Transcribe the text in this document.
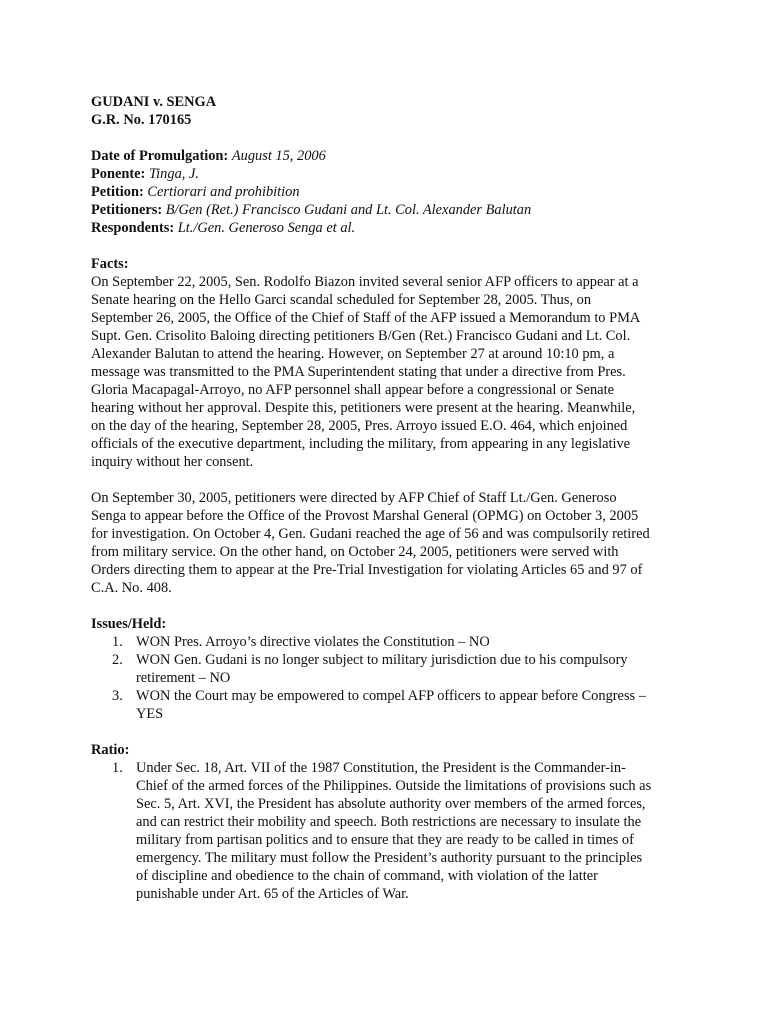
GUDANI v. SENGA
G.R. No. 170165
Date of Promulgation: August 15, 2006
Ponente: Tinga, J.
Petition: Certiorari and prohibition
Petitioners: B/Gen (Ret.) Francisco Gudani and Lt. Col. Alexander Balutan
Respondents: Lt./Gen. Generoso Senga et al.
Facts:
On September 22, 2005, Sen. Rodolfo Biazon invited several senior AFP officers to appear at a
Senate hearing on the Hello Garci scandal scheduled for September 28, 2005. Thus, on
September 26, 2005, the Office of the Chief of Staff of the AFP issued a Memorandum to PMA
Supt. Gen. Crisolito Baloing directing petitioners B/Gen (Ret.) Francisco Gudani and Lt. Col.
Alexander Balutan to attend the hearing. However, on September 27 at around 10:10 pm, a
message was transmitted to the PMA Superintendent stating that under a directive from Pres.
Gloria Macapagal-Arroyo, no AFP personnel shall appear before a congressional or Senate
hearing without her approval. Despite this, petitioners were present at the hearing. Meanwhile,
on the day of the hearing, September 28, 2005, Pres. Arroyo issued E.O. 464, which enjoined
officials of the executive department, including the military, from appearing in any legislative
inquiry without her consent.
On September 30, 2005, petitioners were directed by AFP Chief of Staff Lt./Gen. Generoso
Senga to appear before the Office of the Provost Marshal General (OPMG) on October 3, 2005
for investigation. On October 4, Gen. Gudani reached the age of 56 and was compulsorily retired
from military service. On the other hand, on October 24, 2005, petitioners were served with
Orders directing them to appear at the Pre-Trial Investigation for violating Articles 65 and 97 of
C.A. No. 408.
Issues/Held:
1. WON Pres. Arroyo’s directive violates the Constitution – NO
2. WON Gen. Gudani is no longer subject to military jurisdiction due to his compulsory
retirement – NO
3. WON the Court may be empowered to compel AFP officers to appear before Congress –
YES
Ratio:
1. Under Sec. 18, Art. VII of the 1987 Constitution, the President is the Commander-in-
Chief of the armed forces of the Philippines. Outside the limitations of provisions such as
Sec. 5, Art. XVI, the President has absolute authority over members of the armed forces,
and can restrict their mobility and speech. Both restrictions are necessary to insulate the
military from partisan politics and to ensure that they are ready to be called in times of
emergency. The military must follow the President’s authority pursuant to the principles
of discipline and obedience to the chain of command, with violation of the latter
punishable under Art. 65 of the Articles of War.
